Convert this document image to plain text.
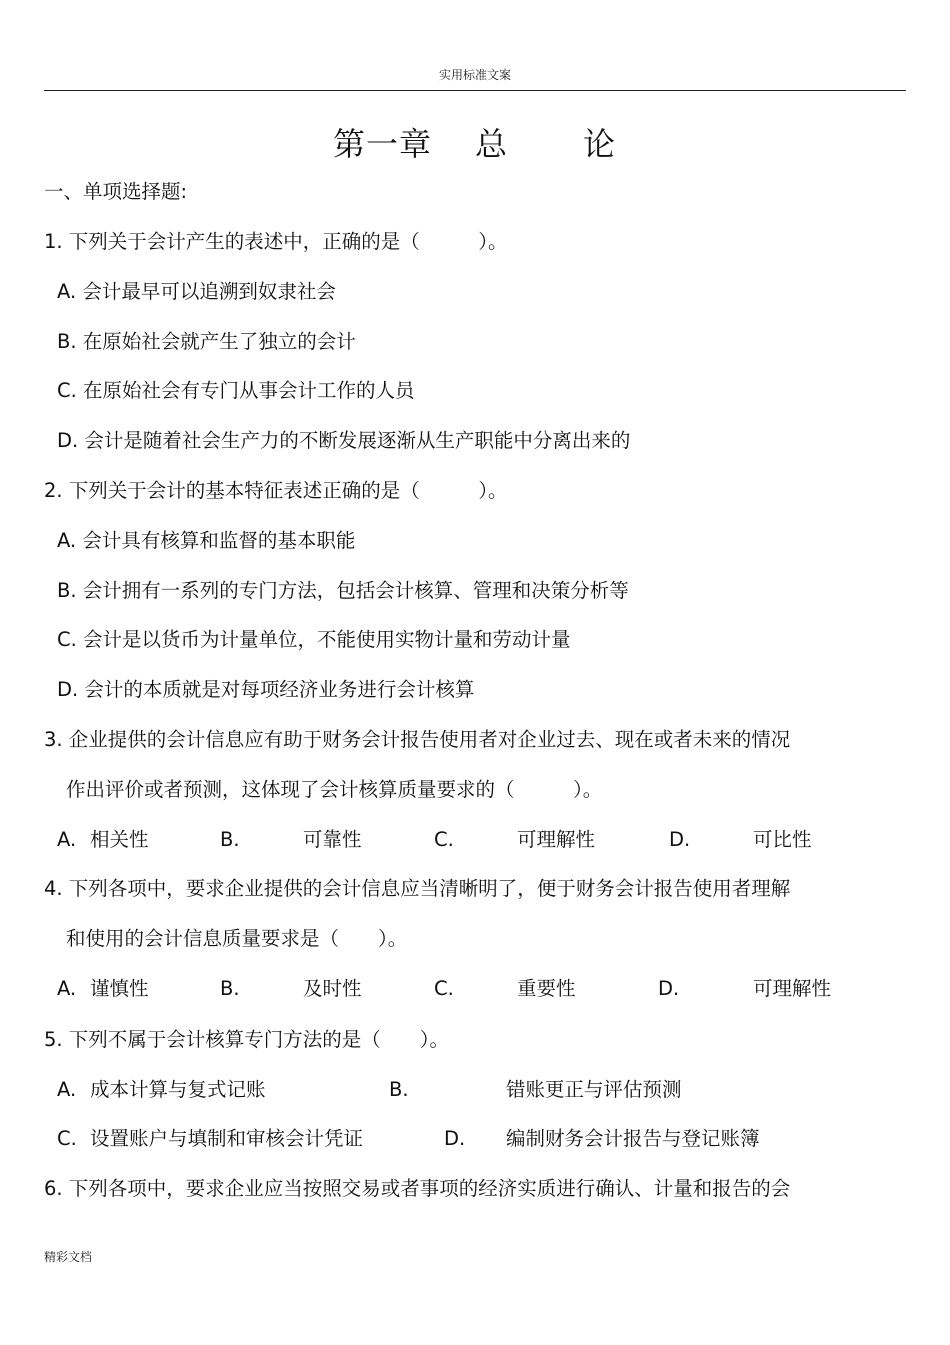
实用标准文案
第一章 总 论
一、单项选择题:
1. 下列关于会计产生的表述中，正确的是（　　　）。
A. 会计最早可以追溯到奴隶社会
B. 在原始社会就产生了独立的会计
C. 在原始社会有专门从事会计工作的人员
D. 会计是随着社会生产力的不断发展逐渐从生产职能中分离出来的
2. 下列关于会计的基本特征表述正确的是（　　　）。
A. 会计具有核算和监督的基本职能
B. 会计拥有一系列的专门方法，包括会计核算、管理和决策分析等
C. 会计是以货币为计量单位，不能使用实物计量和劳动计量
D. 会计的本质就是对每项经济业务进行会计核算
3. 企业提供的会计信息应有助于财务会计报告使用者对企业过去、现在或者未来的情况
作出评价或者预测，这体现了会计核算质量要求的（　　　）。
A. 相关性	B.	可靠性	C.	可理解性	D.	可比性
4. 下列各项中，要求企业提供的会计信息应当清晰明了，便于财务会计报告使用者理解
和使用的会计信息质量要求是（　　）。
A. 谨慎性	B.	及时性	C.	重要性	D.	可理解性
5. 下列不属于会计核算专门方法的是（　　）。
A. 成本计算与复式记账	B.	错账更正与评估预测
C. 设置账户与填制和审核会计凭证	D. 编制财务会计报告与登记账簿
6. 下列各项中，要求企业应当按照交易或者事项的经济实质进行确认、计量和报告的会
精彩文档
